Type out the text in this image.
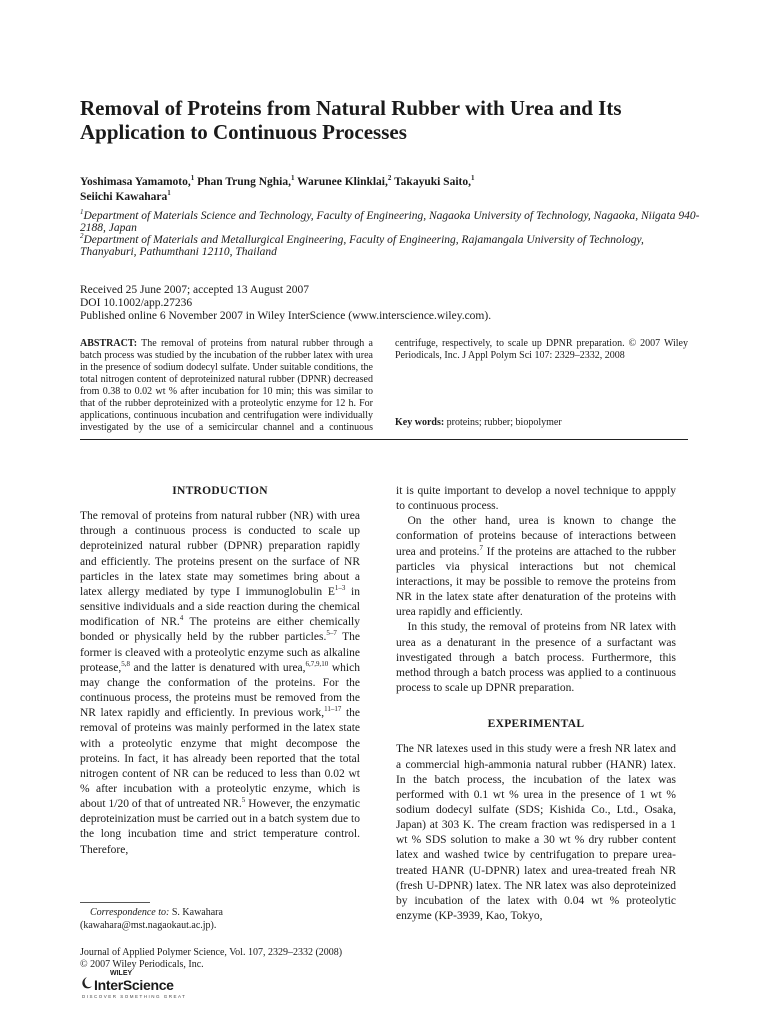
Removal of Proteins from Natural Rubber with Urea and Its Application to Continuous Processes
Yoshimasa Yamamoto,$^1$ Phan Trung Nghia,$^1$ Warunee Klinklai,$^2$ Takayuki Saito,$^1$
Seiichi Kawahara$^1$
$^1$Department of Materials Science and Technology, Faculty of Engineering, Nagaoka University of Technology, Nagaoka, Niigata 940-2188, Japan
$^2$Department of Materials and Metallurgical Engineering, Faculty of Engineering, Rajamangala University of Technology, Thanyaburi, Pathumthani 12110, Thailand
Received 25 June 2007; accepted 13 August 2007
DOI 10.1002/app.27236
Published online 6 November 2007 in Wiley InterScience (www.interscience.wiley.com).
ABSTRACT: The removal of proteins from natural rubber through a batch process was studied by the incubation of the rubber latex with urea in the presence of sodium dodecyl sulfate. Under suitable conditions, the total nitrogen content of deproteinized natural rubber (DPNR) decreased from 0.38 to 0.02 wt % after incubation for 10 min; this was similar to that of the rubber deproteinized with a proteolytic enzyme for 12 h. For applications, continuous incubation and centrifugation were individually investigated by the use of a semicircular channel and a continuous centrifuge, respectively, to scale up DPNR preparation. © 2007 Wiley Periodicals, Inc. J Appl Polym Sci 107: 2329–2332, 2008
Key words: proteins; rubber; biopolymer
INTRODUCTION

The removal of proteins from natural rubber (NR) with urea through a continuous process is conducted to scale up deproteinized natural rubber (DPNR) preparation rapidly and efficiently. The proteins present on the surface of NR particles in the latex state may sometimes bring about a latex allergy mediated by type I immunoglobulin $E^{1-3}$ in sensitive individuals and a side reaction during the chemical modification of NR.$^4$ The proteins are either chemically bonded or physically held by the rubber particles.$^{5-7}$ The former is cleaved with a proteolytic enzyme such as alkaline protease,$^{5,8}$ and the latter is denatured with urea,$^{6,7,9,10}$ which may change the conformation of the proteins. For the continuous process, the proteins must be removed from the NR latex rapidly and efficiently. In previous work,$^{11-17}$ the removal of proteins was mainly performed in the latex state with a proteolytic enzyme that might decompose the proteins. In fact, it has already been reported that the total nitrogen content of NR can be reduced to less than 0.02 wt % after incubation with a proteolytic enzyme, which is about 1/20 of that of untreated NR.$^5$ However, the enzymatic deproteinization must be carried out in a batch system due to the long incubation time and strict temperature control. Therefore,

it is quite important to develop a novel technique to appply to continuous process.

On the other hand, urea is known to change the conformation of proteins because of interactions between urea and proteins.$^7$ If the proteins are attached to the rubber particles via physical interactions but not chemical interactions, it may be possible to remove the proteins from NR in the latex state after denaturation of the proteins with urea rapidly and efficiently.

In this study, the removal of proteins from NR latex with urea as a denaturant in the presence of a surfactant was investigated through a batch process. Furthermore, this method through a batch process was applied to a continuous process to scale up DPNR preparation.

EXPERIMENTAL

The NR latexes used in this study were a fresh NR latex and a commercial high-ammonia natural rubber (HANR) latex. In the batch process, the incubation of the latex was performed with 0.1 wt % urea in the presence of 1 wt % sodium dodecyl sulfate (SDS; Kishida Co., Ltd., Osaka, Japan) at 303 K. The cream fraction was redispersed in a 1 wt % SDS solution to make a 30 wt % dry rubber content latex and washed twice by centrifugation to prepare urea-treated HANR (U-DPNR) latex and urea-treated freah NR (fresh U-DPNR) latex. The NR latex was also deproteinized by incubation of the latex with 0.04 wt % proteolytic enzyme (KP-3939, Kao, Tokyo,

Correspondence to: S. Kawahara (kawahara@mst.nagaokaut.ac.jp).
Journal of Applied Polymer Science, Vol. 107, 2329–2332 (2008)
© 2007 Wiley Periodicals, Inc.
WILEY
InterScience
DISCOVER SOMETHING GREAT
